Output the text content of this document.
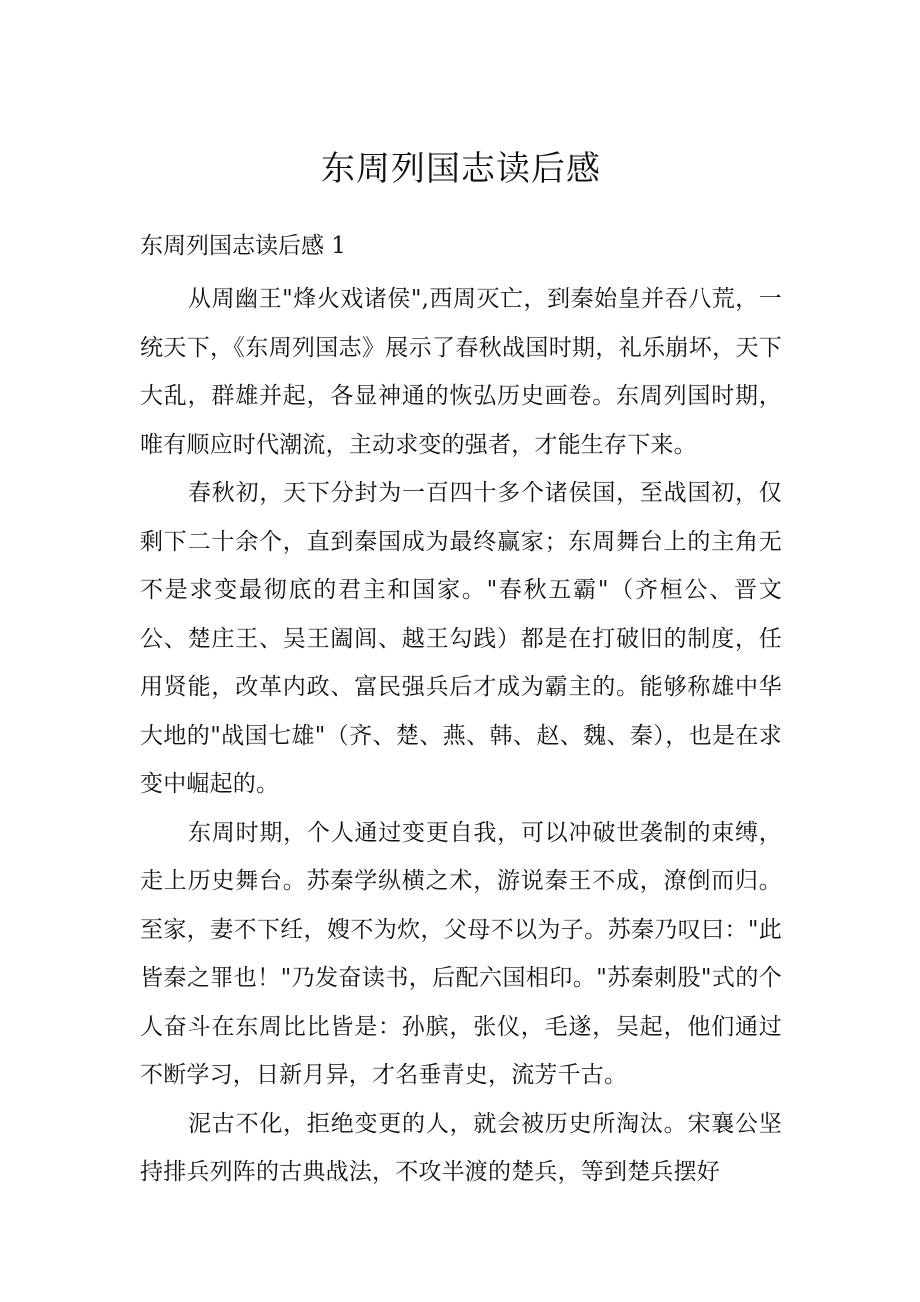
东周列国志读后感
东周列国志读后感 1

从周幽王"烽火戏诸侯",西周灭亡，到秦始皇并吞八荒，一统天下，《东周列国志》展示了春秋战国时期，礼乐崩坏，天下大乱，群雄并起，各显神通的恢弘历史画卷。东周列国时期，唯有顺应时代潮流，主动求变的强者，才能生存下来。

春秋初，天下分封为一百四十多个诸侯国，至战国初，仅剩下二十余个，直到秦国成为最终赢家；东周舞台上的主角无不是求变最彻底的君主和国家。"春秋五霸"（齐桓公、晋文公、楚庄王、吴王阖闾、越王勾践）都是在打破旧的制度，任用贤能，改革内政、富民强兵后才成为霸主的。能够称雄中华大地的"战国七雄"（齐、楚、燕、韩、赵、魏、秦），也是在求变中崛起的。

东周时期，个人通过变更自我，可以冲破世袭制的束缚，走上历史舞台。苏秦学纵横之术，游说秦王不成，潦倒而归。至家，妻不下纴，嫂不为炊，父母不以为子。苏秦乃叹曰："此皆秦之罪也！"乃发奋读书，后配六国相印。"苏秦刺股"式的个人奋斗在东周比比皆是：孙膑，张仪，毛遂，吴起，他们通过不断学习，日新月异，才名垂青史，流芳千古。

泥古不化，拒绝变更的人，就会被历史所淘汰。宋襄公坚持排兵列阵的古典战法，不攻半渡的楚兵，等到楚兵摆好
